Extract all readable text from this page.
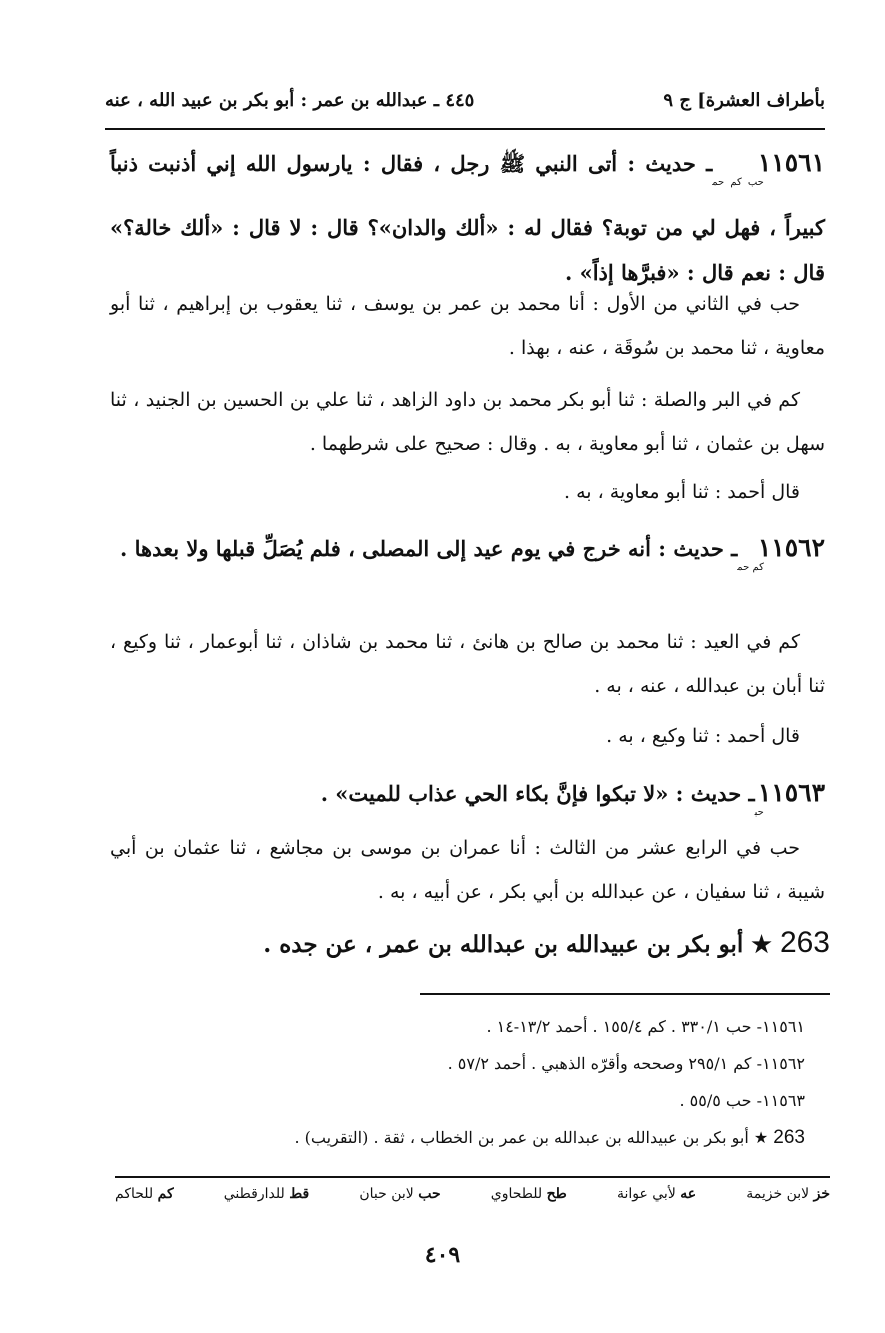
بأطراف العشرة] ج ٩
٤٤٥ ـ عبدالله بن عمر : أبو بكر بن عبيد الله ، عنه
$١١٥٦١_{حب كم حم}ـ$ حديث : أتى النبي ﷺ رجل ، فقال : يارسول الله إني أذنبت ذنباً كبيراً ، فهل لي من توبة؟ فقال له : «ألك والدان»؟ قال : لا قال : «ألك خالة؟» قال : نعم قال : «فبرَّها إذاً» .
حب في الثاني من الأول : أنا محمد بن عمر بن يوسف ، ثنا يعقوب بن إبراهيم ، ثنا أبو معاوية ، ثنا محمد بن سُوقَة ، عنه ، بهذا .
كم في البر والصلة : ثنا أبو بكر محمد بن داود الزاهد ، ثنا علي بن الحسين بن الجنيد ، ثنا سهل بن عثمان ، ثنا أبو معاوية ، به . وقال : صحيح على شرطهما .
قال أحمد : ثنا أبو معاوية ، به .
$١١٥٦٢_{كم حم}ـ$ حديث : أنه خرج في يوم عيد إلى المصلى ، فلم يُصَلِّ قبلها ولا بعدها .
كم في العيد : ثنا محمد بن صالح بن هانئ ، ثنا محمد بن شاذان ، ثنا أبوعمار ، ثنا وكيع ، ثنا أبان بن عبدالله ، عنه ، به .
قال أحمد : ثنا وكيع ، به .
$١١٥٦٣_{حب}ـ$ حديث : «لا تبكوا فإنَّ بكاء الحي عذاب للميت» .
حب في الرابع عشر من الثالث : أنا عمران بن موسى بن مجاشع ، ثنا عثمان بن أبي شيبة ، ثنا سفيان ، عن عبدالله بن أبي بكر ، عن أبيه ، به .
263 ★ أبو بكر بن عبيدالله بن عبدالله بن عمر ، عن جده .
١١٥٦١- حب ٣٣٠/١ . كم ١٥٥/٤ . أحمد ١٣/٢-١٤ .
١١٥٦٢- كم ٢٩٥/١ وصححه وأقرّه الذهبي . أحمد ٥٧/٢ .
١١٥٦٣- حب ٥٥/٥ .
263 ★ أبو بكر بن عبيدالله بن عبدالله بن عمر بن الخطاب ، ثقة . (التقريب) .
خز لابن خزيمة
عه لأبي عوانة
طح للطحاوي
حب لابن حبان
قط للدارقطني
كم للحاكم
٤٠٩
